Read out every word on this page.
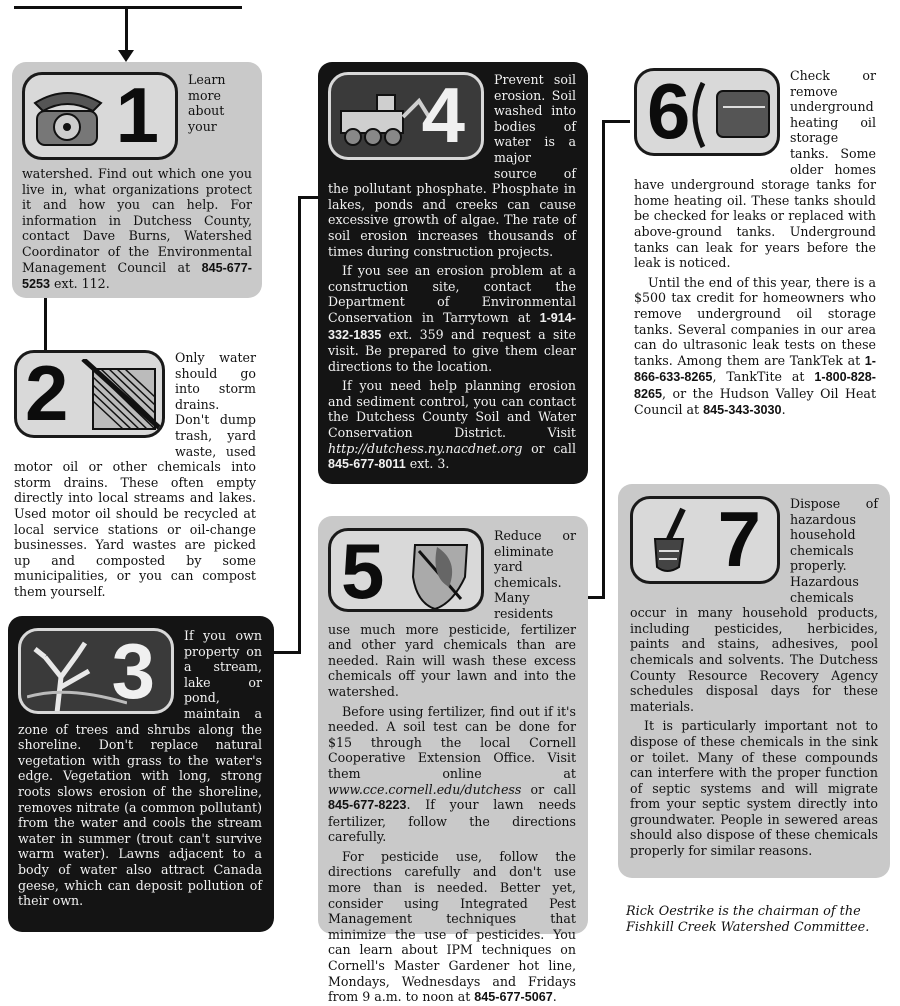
1	Learn more about your watershed. Find out which one you live in, what organizations protect it and how you can help. For information in Dutchess County, contact Dave Burns, Watershed Coordinator of the Environmental Management Council at 845-677-5253 ext. 112.

2	Only water should go into storm drains. Don't dump trash, yard waste, used motor oil or other chemicals into storm drains. These often empty directly into local streams and lakes. Used motor oil should be recycled at local service stations or oil-change businesses. Yard wastes are picked up and composted by some municipalities, or you can compost them yourself.

3	If you own property on a stream, lake or pond, maintain a zone of trees and shrubs along the shoreline. Don't replace natural vegetation with grass to the water's edge. Vegetation with long, strong roots slows erosion of the shoreline, removes nitrate (a common pollutant) from the water and cools the stream water in summer (trout can't survive warm water). Lawns adjacent to a body of water also attract Canada geese, which can deposit pollution of their own.

4	Prevent soil erosion. Soil washed into bodies of water is a major source of the pollutant phosphate. Phosphate in lakes, ponds and creeks can cause excessive growth of algae. The rate of soil erosion increases thousands of times during construction projects.

If you see an erosion problem at a construction site, contact the Department of Environmental Conservation in Tarrytown at 1-914-332-1835 ext. 359 and request a site visit. Be prepared to give them clear directions to the location.

If you need help planning erosion and sediment control, you can contact the Dutchess County Soil and Water Conservation District. Visit http://dutchess.ny.nacdnet.org or call 845-677-8011 ext. 3.

5	Reduce or eliminate yard chemicals. Many residents use much more pesticide, fertilizer and other yard chemicals than are needed. Rain will wash these excess chemicals off your lawn and into the watershed.

Before using fertilizer, find out if it's needed. A soil test can be done for $15 through the local Cornell Cooperative Extension Office. Visit them online at www.cce.cornell.edu/dutchess or call 845-677-8223. If your lawn needs fertilizer, follow the directions carefully.

For pesticide use, follow the directions carefully and don't use more than is needed. Better yet, consider using Integrated Pest Management techniques that minimize the use of pesticides. You can learn about IPM techniques on Cornell's Master Gardener hot line, Mondays, Wednesdays and Fridays from 9 a.m. to noon at 845-677-5067.

6	Check or remove underground heating oil storage tanks. Some older homes have underground storage tanks for home heating oil. These tanks should be checked for leaks or replaced with above-ground tanks. Underground tanks can leak for years before the leak is noticed.

Until the end of this year, there is a $500 tax credit for homeowners who remove underground oil storage tanks. Several companies in our area can do ultrasonic leak tests on these tanks. Among them are TankTek at 1-866-633-8265, TankTite at 1-800-828-8265, or the Hudson Valley Oil Heat Council at 845-343-3030.

7	Dispose of hazardous household chemicals properly. Hazardous chemicals occur in many household products, including pesticides, herbicides, paints and stains, adhesives, pool chemicals and solvents. The Dutchess County Resource Recovery Agency schedules disposal days for these materials.

It is particularly important not to dispose of these chemicals in the sink or toilet. Many of these compounds can interfere with the proper function of septic systems and will migrate from your septic system directly into groundwater. People in sewered areas should also dispose of these chemicals properly for similar reasons.

Rick Oestrike is the chairman of the Fishkill Creek Watershed Committee.
